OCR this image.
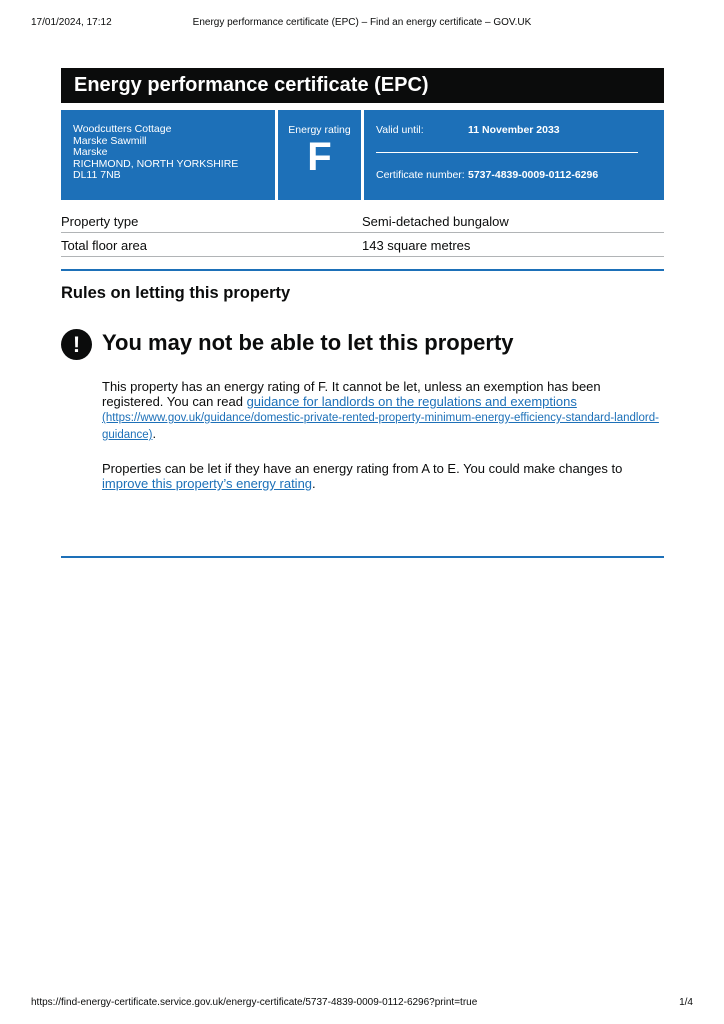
17/01/2024, 17:12	Energy performance certificate (EPC) – Find an energy certificate – GOV.UK
Energy performance certificate (EPC)
Woodcutters Cottage
Marske Sawmill
Marske
RICHMOND, NORTH YORKSHIRE
DL11 7NB
Energy rating
F
Valid until:	11 November 2033
Certificate number: 5737-4839-0009-0112-6296
Property type	Semi-detached bungalow
Total floor area	143 square metres
Rules on letting this property
! You may not be able to let this property

This property has an energy rating of F. It cannot be let, unless an exemption has been registered. You can read guidance for landlords on the regulations and exemptions
(https://www.gov.uk/guidance/domestic-private-rented-property-minimum-energy-efficiency-standard-landlord-guidance).

Properties can be let if they have an energy rating from A to E. You could make changes to improve this property’s energy rating.

https://find-energy-certificate.service.gov.uk/energy-certificate/5737-4839-0009-0112-6296?print=true	1/4
